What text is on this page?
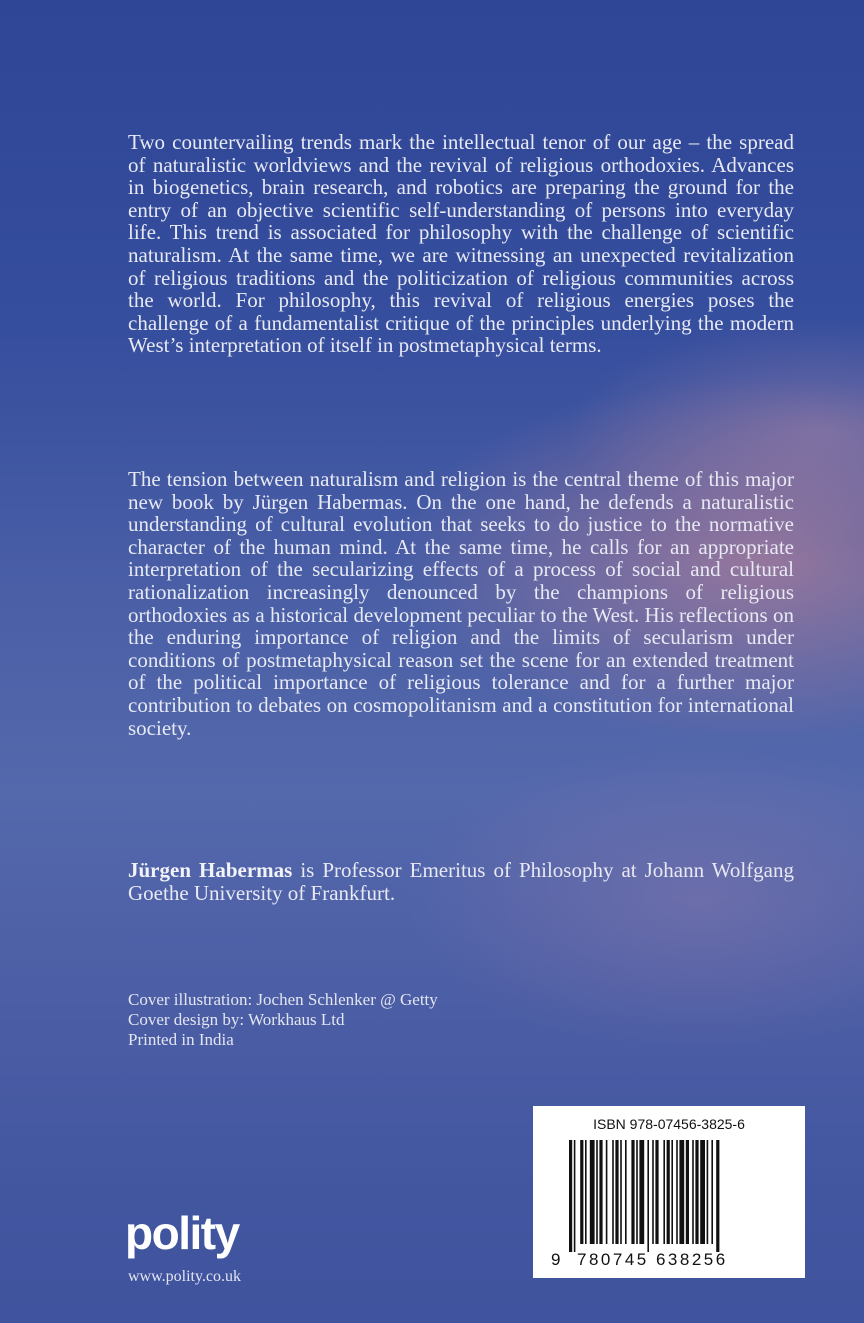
Two countervailing trends mark the intellectual tenor of our age – the spread of naturalistic worldviews and the revival of religious orthodoxies. Advances in biogenetics, brain research, and robotics are preparing the ground for the entry of an objective scientific self-understanding of persons into everyday life. This trend is associated for philosophy with the challenge of scientific naturalism. At the same time, we are witnessing an unexpected revitalization of religious traditions and the politicization of religious communities across the world. For philosophy, this revival of religious energies poses the challenge of a fundamentalist critique of the principles underlying the modern West’s interpretation of itself in postmetaphysical terms.

The tension between naturalism and religion is the central theme of this major new book by Jürgen Habermas. On the one hand, he defends a naturalistic understanding of cultural evolution that seeks to do justice to the normative character of the human mind. At the same time, he calls for an appropriate interpretation of the secularizing effects of a process of social and cultural rationalization increasingly denounced by the champions of religious orthodoxies as a historical development peculiar to the West. His reflections on the enduring importance of religion and the limits of secularism under conditions of postmetaphysical reason set the scene for an extended treatment of the political importance of religious tolerance and for a further major contribution to debates on cosmopolitanism and a constitution for international society.

Jürgen Habermas is Professor Emeritus of Philosophy at Johann Wolfgang Goethe University of Frankfurt.

Cover illustration: Jochen Schlenker @ Getty
Cover design by: Workhaus Ltd
Printed in India
polity
www.polity.co.uk
ISBN 978-07456-3825-6
9 780745 638256
